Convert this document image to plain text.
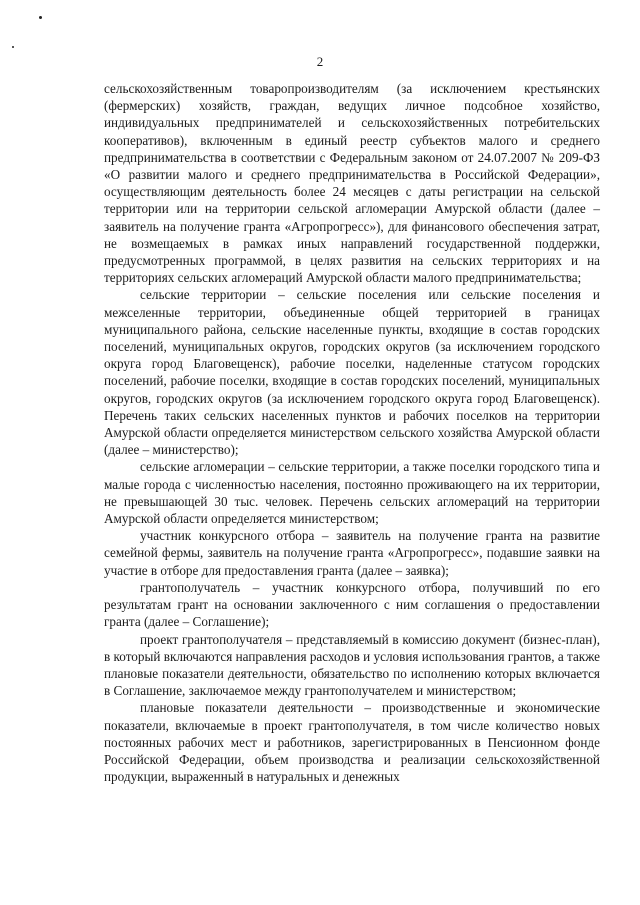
2

сельскохозяйственным товаропроизводителям (за исключением крестьянских (фермерских) хозяйств, граждан, ведущих личное подсобное хозяйство, индивидуальных предпринимателей и сельскохозяйственных потребительских кооперативов), включенным в единый реестр субъектов малого и среднего предпринимательства в соответствии с Федеральным законом от 24.07.2007 № 209-ФЗ «О развитии малого и среднего предпринимательства в Российской Федерации», осуществляющим деятельность более 24 месяцев с даты регистрации на сельской территории или на территории сельской агломерации Амурской области (далее – заявитель на получение гранта «Агропрогресс»), для финансового обеспечения затрат, не возмещаемых в рамках иных направлений государственной поддержки, предусмотренных программой, в целях развития на сельских территориях и на территориях сельских агломераций Амурской области малого предпринимательства;

сельские территории – сельские поселения или сельские поселения и межселенные территории, объединенные общей территорией в границах муниципального района, сельские населенные пункты, входящие в состав городских поселений, муниципальных округов, городских округов (за исключением городского округа город Благовещенск), рабочие поселки, наделенные статусом городских поселений, рабочие поселки, входящие в состав городских поселений, муниципальных округов, городских округов (за исключением городского округа город Благовещенск). Перечень таких сельских населенных пунктов и рабочих поселков на территории Амурской области определяется министерством сельского хозяйства Амурской области (далее – министерство);

сельские агломерации – сельские территории, а также поселки городского типа и малые города с численностью населения, постоянно проживающего на их территории, не превышающей 30 тыс. человек. Перечень сельских агломераций на территории Амурской области определяется министерством;

участник конкурсного отбора – заявитель на получение гранта на развитие семейной фермы, заявитель на получение гранта «Агропрогресс», подавшие заявки на участие в отборе для предоставления гранта (далее – заявка);

грантополучатель – участник конкурсного отбора, получивший по его результатам грант на основании заключенного с ним соглашения о предоставлении гранта (далее – Соглашение);

проект грантополучателя – представляемый в комиссию документ (бизнес-план), в который включаются направления расходов и условия использования грантов, а также плановые показатели деятельности, обязательство по исполнению которых включается в Соглашение, заключаемое между грантополучателем и министерством;

плановые показатели деятельности – производственные и экономические показатели, включаемые в проект грантополучателя, в том числе количество новых постоянных рабочих мест и работников, зарегистрированных в Пенсионном фонде Российской Федерации, объем производства и реализации сельскохозяйственной продукции, выраженный в натуральных и денежных
